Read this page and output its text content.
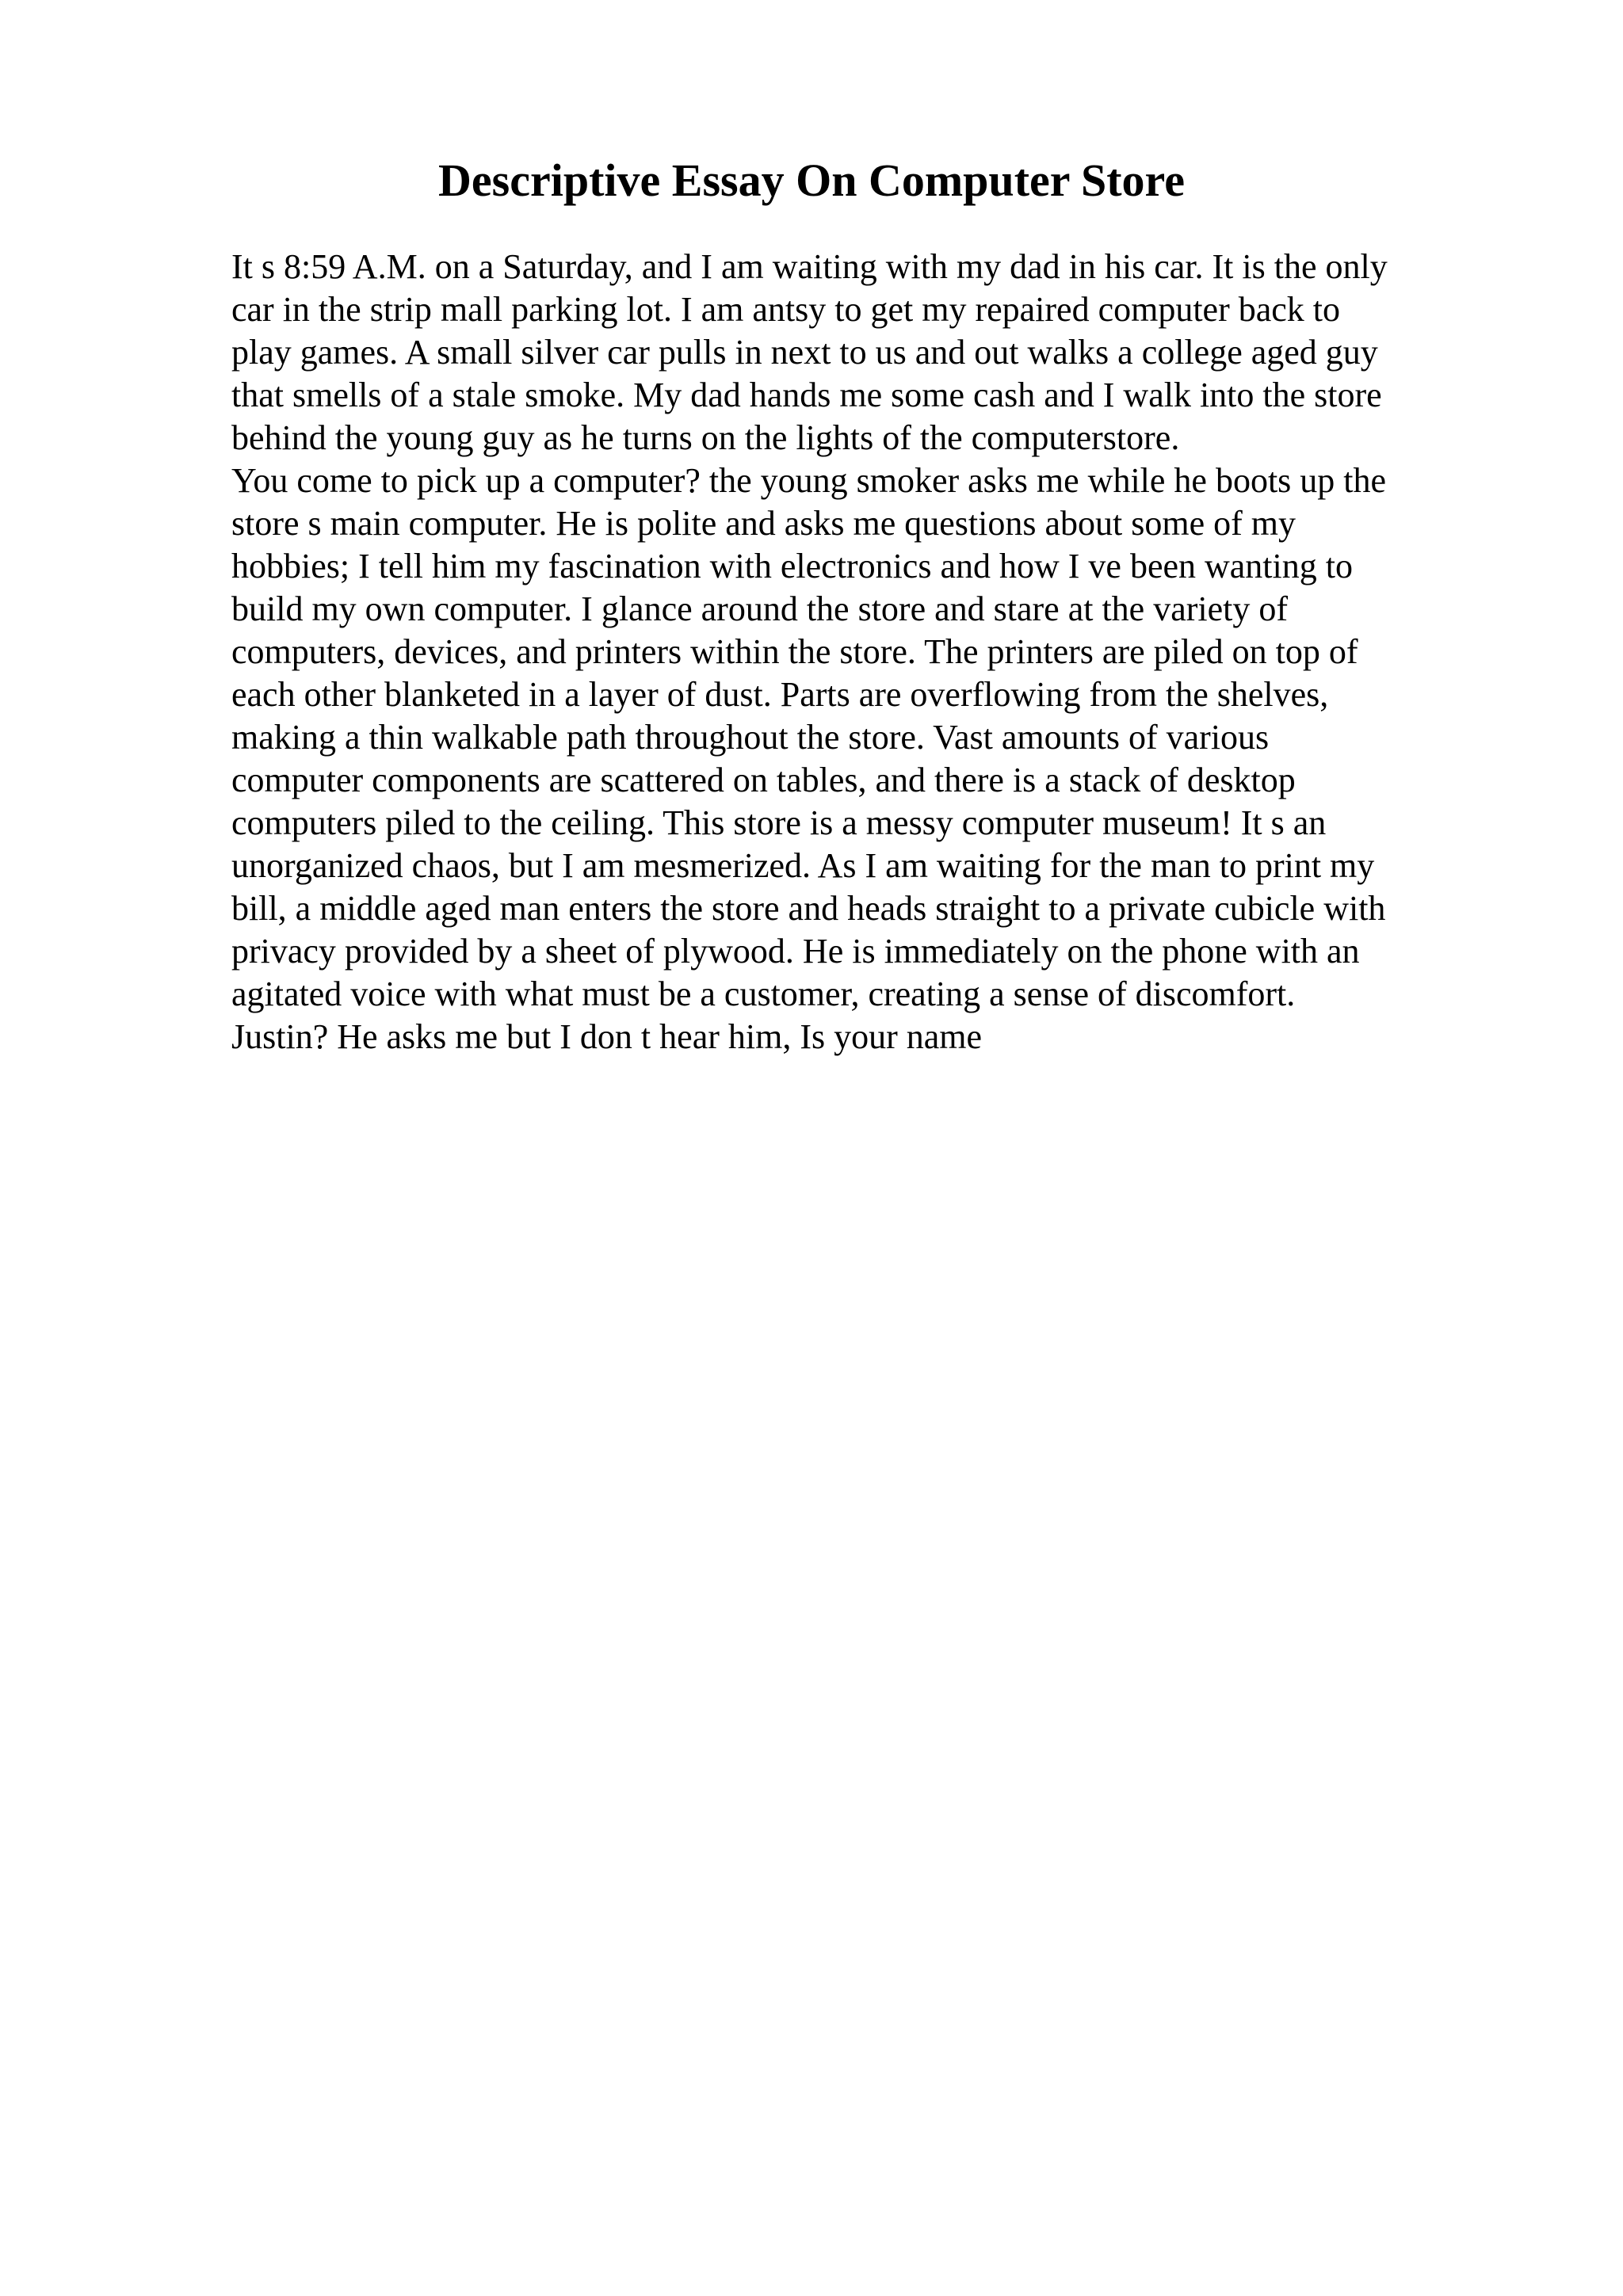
Descriptive Essay On Computer Store
It s 8:59 A.M. on a Saturday, and I am waiting with my dad in his car. It is the only
car in the strip mall parking lot. I am antsy to get my repaired computer back to
play games. A small silver car pulls in next to us and out walks a college aged guy
that smells of a stale smoke. My dad hands me some cash and I walk into the store
behind the young guy as he turns on the lights of the computerstore.
You come to pick up a computer? the young smoker asks me while he boots up the
store s main computer. He is polite and asks me questions about some of my
hobbies; I tell him my fascination with electronics and how I ve been wanting to
build my own computer. I glance around the store and stare at the variety of
computers, devices, and printers within the store. The printers are piled on top of
each other blanketed in a layer of dust. Parts are overflowing from the shelves,
making a thin walkable path throughout the store. Vast amounts of various
computer components are scattered on tables, and there is a stack of desktop
computers piled to the ceiling. This store is a messy computer museum! It s an
unorganized chaos, but I am mesmerized. As I am waiting for the man to print my
bill, a middle aged man enters the store and heads straight to a private cubicle with
privacy provided by a sheet of plywood. He is immediately on the phone with an
agitated voice with what must be a customer, creating a sense of discomfort.
Justin? He asks me but I don t hear him, Is your name
